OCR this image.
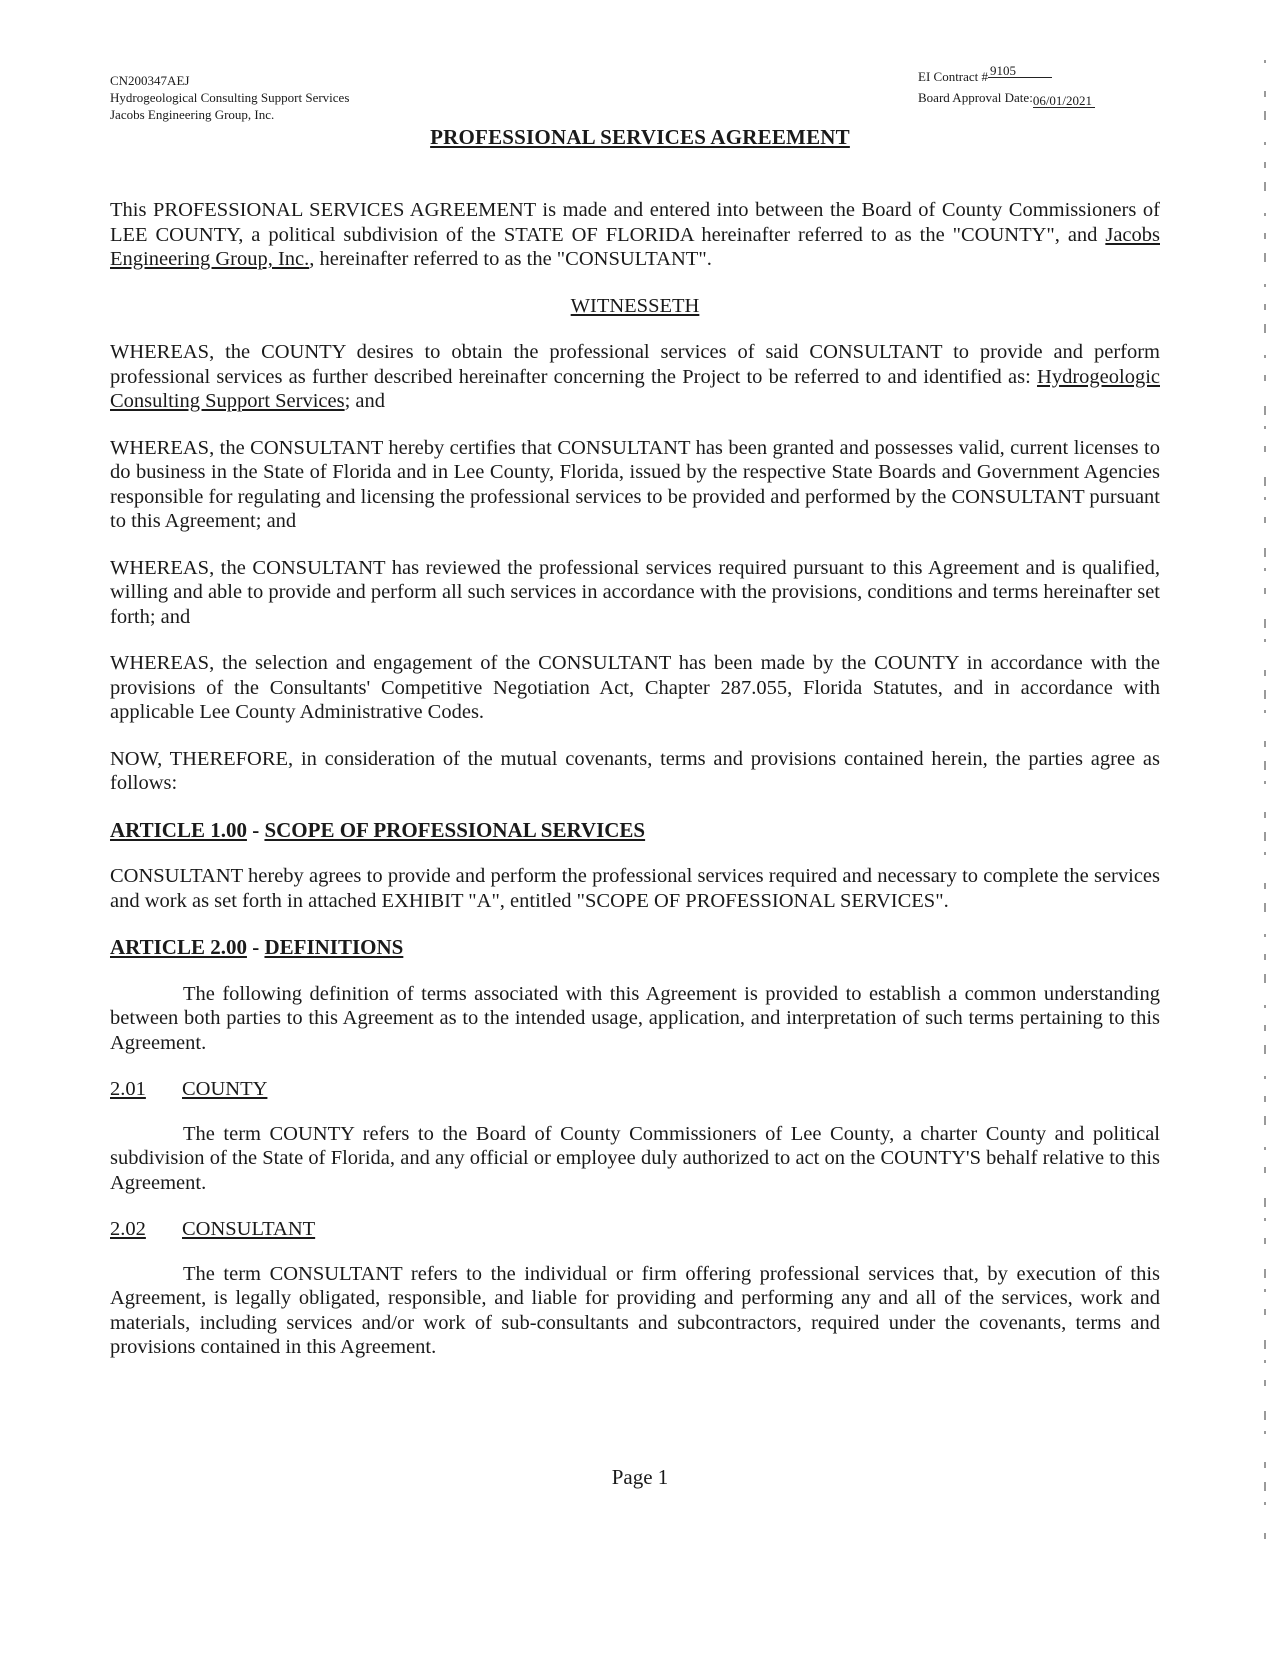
CN200347AEJ
Hydrogeological Consulting Support Services
Jacobs Engineering Group, Inc.
EI Contract # 9105
Board Approval Date:06/01/2021
PROFESSIONAL SERVICES AGREEMENT

This PROFESSIONAL SERVICES AGREEMENT is made and entered into between the Board of County Commissioners of LEE COUNTY, a political subdivision of the STATE OF FLORIDA hereinafter referred to as the "COUNTY", and Jacobs Engineering Group, Inc., hereinafter referred to as the "CONSULTANT".

WITNESSETH

WHEREAS, the COUNTY desires to obtain the professional services of said CONSULTANT to provide and perform professional services as further described hereinafter concerning the Project to be referred to and identified as: Hydrogeologic Consulting Support Services; and

WHEREAS, the CONSULTANT hereby certifies that CONSULTANT has been granted and possesses valid, current licenses to do business in the State of Florida and in Lee County, Florida, issued by the respective State Boards and Government Agencies responsible for regulating and licensing the professional services to be provided and performed by the CONSULTANT pursuant to this Agreement; and

WHEREAS, the CONSULTANT has reviewed the professional services required pursuant to this Agreement and is qualified, willing and able to provide and perform all such services in accordance with the provisions, conditions and terms hereinafter set forth; and

WHEREAS, the selection and engagement of the CONSULTANT has been made by the COUNTY in accordance with the provisions of the Consultants' Competitive Negotiation Act, Chapter 287.055, Florida Statutes, and in accordance with applicable Lee County Administrative Codes.

NOW, THEREFORE, in consideration of the mutual covenants, terms and provisions contained herein, the parties agree as follows:

ARTICLE 1.00 - SCOPE OF PROFESSIONAL SERVICES

CONSULTANT hereby agrees to provide and perform the professional services required and necessary to complete the services and work as set forth in attached EXHIBIT "A", entitled "SCOPE OF PROFESSIONAL SERVICES".

ARTICLE 2.00 - DEFINITIONS

The following definition of terms associated with this Agreement is provided to establish a common understanding between both parties to this Agreement as to the intended usage, application, and interpretation of such terms pertaining to this Agreement.

2.01 COUNTY

The term COUNTY refers to the Board of County Commissioners of Lee County, a charter County and political subdivision of the State of Florida, and any official or employee duly authorized to act on the COUNTY'S behalf relative to this Agreement.

2.02 CONSULTANT

The term CONSULTANT refers to the individual or firm offering professional services that, by execution of this Agreement, is legally obligated, responsible, and liable for providing and performing any and all of the services, work and materials, including services and/or work of sub-consultants and subcontractors, required under the covenants, terms and provisions contained in this Agreement.

Page 1
